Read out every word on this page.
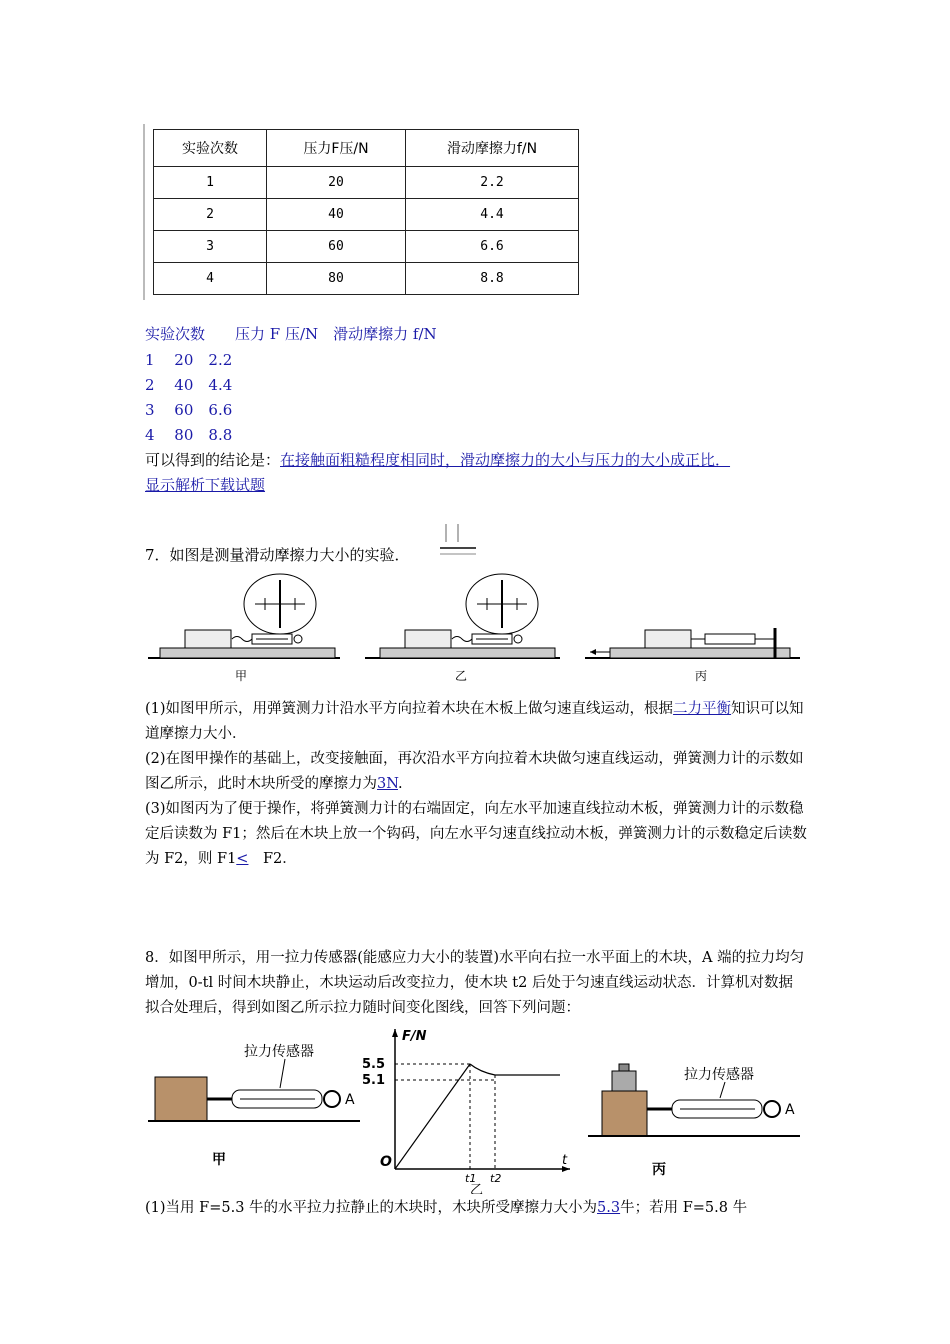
实验次数	压力F压/N	滑动摩擦力f/N
1	20	2.2
2	40	4.4
3	60	6.6
4	80	8.8
实验次数　　压力 F 压/N　滑动摩擦力 f/N
1　 20　2.2
2　 40　4.4
3　 60　6.6
4　 80　8.8
可以得到的结论是：在接触面粗糙程度相同时，滑动摩擦力的大小与压力的大小成正比．
显示解析下载试题
7．如图是测量滑动摩擦力大小的实验．
甲	乙	丙
(1)如图甲所示，用弹簧测力计沿水平方向拉着木块在木板上做匀速直线运动，根据二力平衡知识可以知道摩擦力大小．
(2)在图甲操作的基础上，改变接触面，再次沿水平方向拉着木块做匀速直线运动，弹簧测力计的示数如图乙所示，此时木块所受的摩擦力为3N.
(3)如图丙为了便于操作，将弹簧测力计的右端固定，向左水平加速直线拉动木板，弹簧测力计的示数稳定后读数为 F1；然后在木块上放一个钩码，向左水平匀速直线拉动木板，弹簧测力计的示数稳定后读数为 F2，则 F1<　F2．
8．如图甲所示，用一拉力传感器(能感应力大小的装置)水平向右拉一水平面上的木块，A 端的拉力均匀增加，0-tl 时间木块静止，木块运动后改变拉力，使木块 t2 后处于匀速直线运动状态．计算机对数据拟合处理后，得到如图乙所示拉力随时间变化图线，回答下列问题：
拉力传感器
A
甲
F/N
5.5
5.1
O
t1 t2
t
乙
拉力传感器
A
丙
(1)当用 F=5.3 牛的水平拉力拉静止的木块时，木块所受摩擦力大小为5.3牛；若用 F=5.8 牛
